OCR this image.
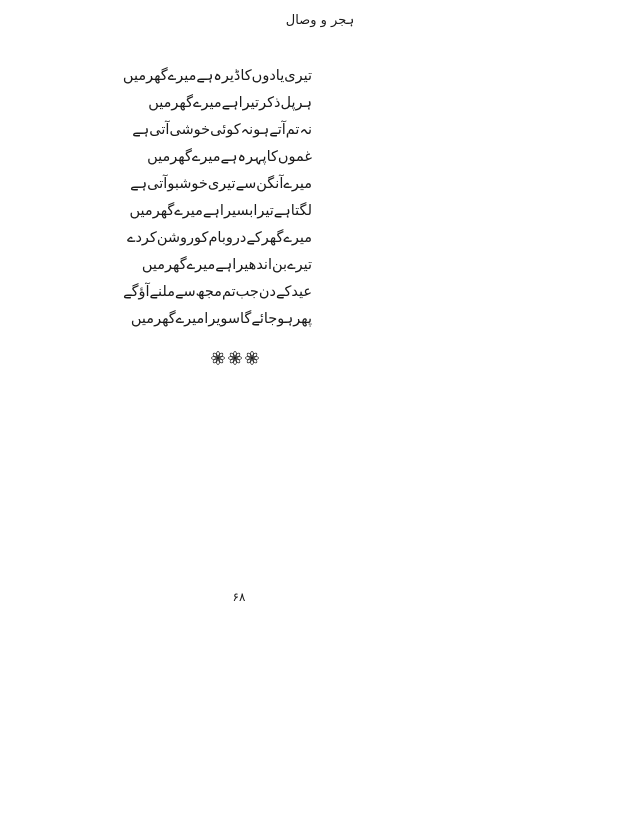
ہجر و وصال
تیری
یادوں
کا
ڈیرہ
ہے
میرے
گھر
میں
ہر
پل
ذکر
تیرا
ہے
میرے
گھر
میں
نہ
تم
آتے
ہو
نہ
کوئی
خوشی
آتی
ہے
غموں
کا
پہرہ
ہے
میرے
گھر
میں
میرے
آنگن
سے
تیری
خوشبو
آتی
ہے
لگتا
ہے
تیرا
بسیرا
ہے
میرے
گھر
میں
میرے
گھر
کے
در
و
بام
کو
روشن
کر
دے
تیرے
بن
اندھیرا
ہے
میرے
گھر
میں
عید
کے
دن
جب
تم
مجھ
سے
ملنے
آؤ
گے
پھر
ہو
جائے
گا
سویرا
میرے
گھر
میں
۶۸
